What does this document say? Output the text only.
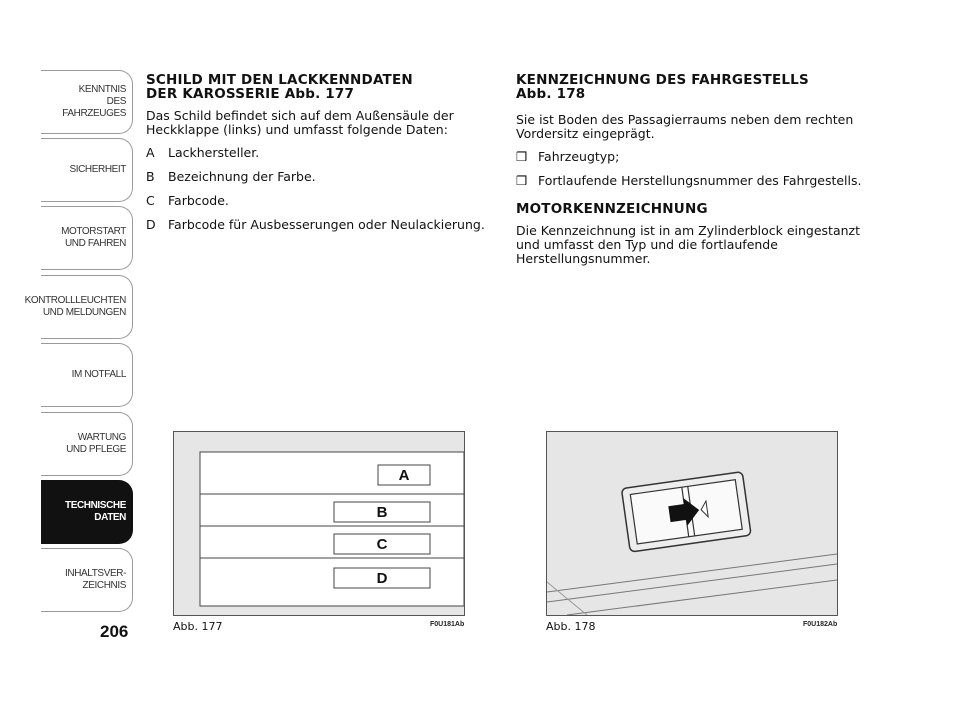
KENNTNIS
DES FAHRZEUGES
SICHERHEIT
MOTORSTART
UND FAHREN
KONTROLLLEUCHTEN
UND MELDUNGEN
IM NOTFALL
WARTUNG
UND PFLEGE
TECHNISCHE
DATEN
INHALTSVER-
ZEICHNIS
206
SCHILD MIT DEN LACKKENNDATEN
DER KAROSSERIE Abb. 177
Das Schild befindet sich auf dem Außensäule der Heckklappe (links) und umfasst folgende Daten:
A	Lackhersteller.
B	Bezeichnung der Farbe.
C	Farbcode.
D Farbcode für Ausbesserungen oder Neulackierung.
KENNZEICHNUNG DES FAHRGESTELLS
Abb. 178
Sie ist Boden des Passagierraums neben dem rechten Vordersitz eingeprägt.
❒ Fahrzeugtyp;
❒ Fortlaufende Herstellungsnummer des Fahrgestells.
MOTORKENNZEICHNUNG
Die Kennzeichnung ist in am Zylinderblock eingestanzt und umfasst den Typ und die fortlaufende Herstellungsnummer.
A
B
C
D
Abb. 177	F0U181Ab	Abb. 178	F0U182Ab
